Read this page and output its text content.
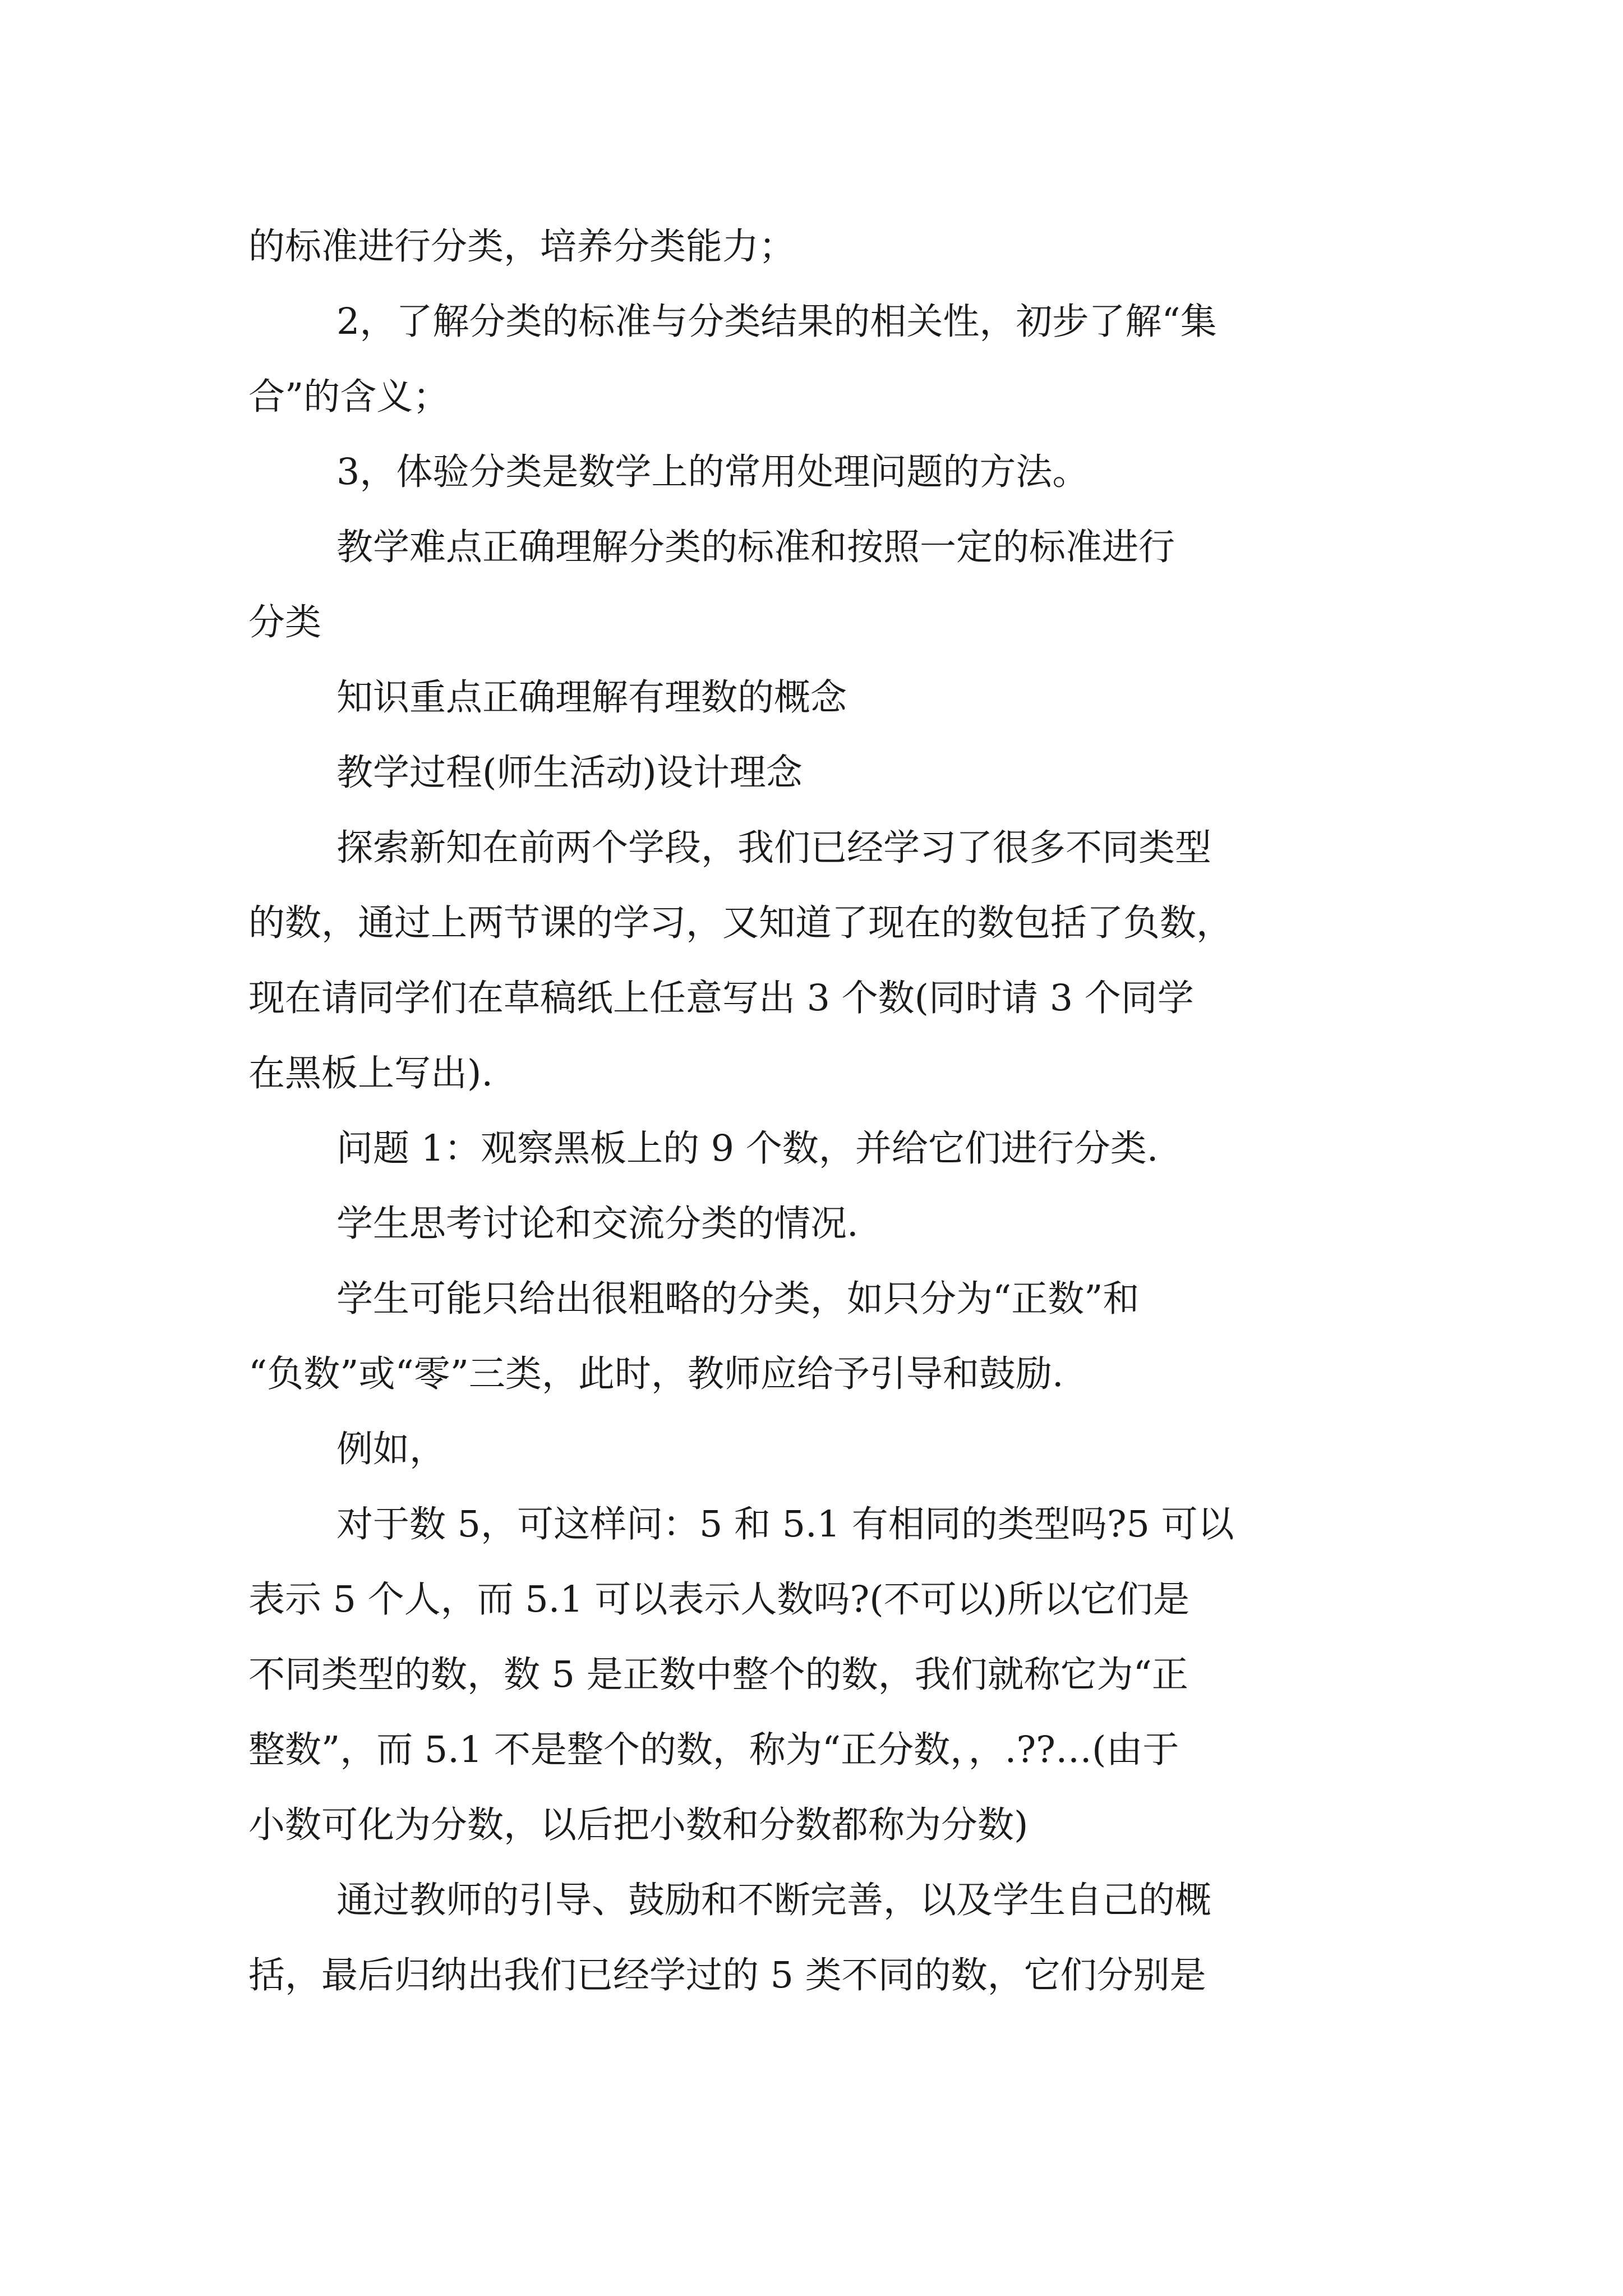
的标准进行分类，培养分类能力；
2，了解分类的标准与分类结果的相关性，初步了解“集
合”的含义；
3，体验分类是数学上的常用处理问题的方法。
教学难点正确理解分类的标准和按照一定的标准进行
分类
知识重点正确理解有理数的概念
教学过程(师生活动)设计理念
探索新知在前两个学段，我们已经学习了很多不同类型
的数，通过上两节课的学习，又知道了现在的数包括了负数，
现在请同学们在草稿纸上任意写出 3 个数(同时请 3 个同学
在黑板上写出).
问题 1：观察黑板上的 9 个数，并给它们进行分类.
学生思考讨论和交流分类的情况.
学生可能只给出很粗略的分类，如只分为“正数”和
“负数”或“零”三类，此时，教师应给予引导和鼓励.
例如，
对于数 5，可这样问：5 和 5.1 有相同的类型吗?5 可以
表示 5 个人，而 5.1 可以表示人数吗?(不可以)所以它们是
不同类型的数，数 5 是正数中整个的数，我们就称它为“正
整数”，而 5.1 不是整个的数，称为“正分数，，.??…(由于
小数可化为分数，以后把小数和分数都称为分数)
通过教师的引导、鼓励和不断完善，以及学生自己的概
括，最后归纳出我们已经学过的 5 类不同的数，它们分别是
